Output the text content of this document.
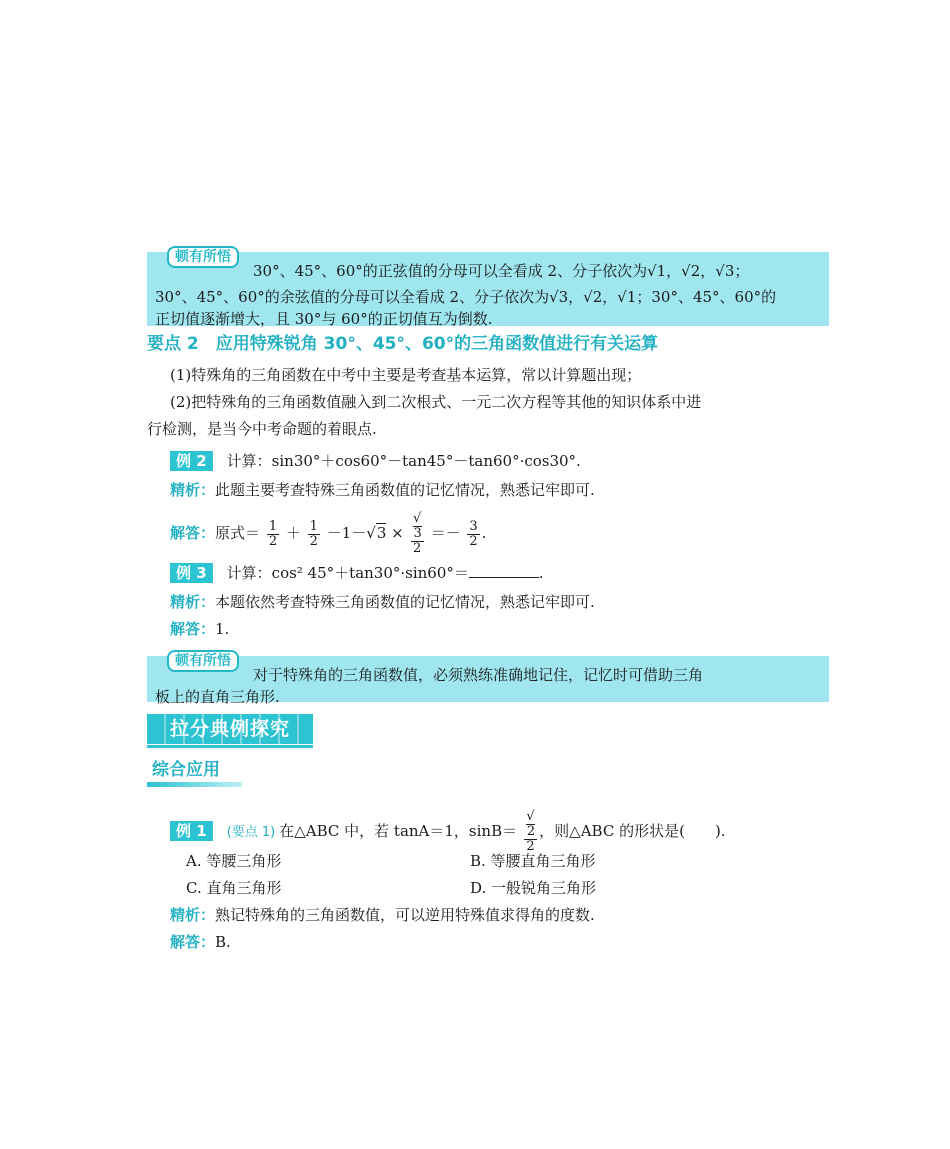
顿有所悟
30°、45°、60°的正弦值的分母可以全看成 2、分子依次为√1，√2，√3；
30°、45°、60°的余弦值的分母可以全看成 2、分子依次为√3，√2，√1；30°、45°、60°的
正切值逐渐增大，且 30°与 60°的正切值互为倒数.
要点 2　应用特殊锐角 30°、45°、60°的三角函数值进行有关运算
(1)特殊角的三角函数在中考中主要是考查基本运算，常以计算题出现；
(2)把特殊角的三角函数值融入到二次根式、一元二次方程等其他的知识体系中进
行检测，是当今中考命题的着眼点.
例 2 计算：sin30°＋cos60°－tan45°－tan60°·cos30°.
精析：此题主要考查特殊三角函数值的记忆情况，熟悉记牢即可.
解答：原式＝ $\frac{1}{2} + \frac{1}{2} -1-√3$ × √
3
$2 =- \frac{3}{2}$ .
例 3 计算：cos² 45°＋tan30°·sin60°＝	.
精析：本题依然考查特殊三角函数值的记忆情况，熟悉记牢即可.
解答：1.
顿有所悟
对于特殊角的三角函数值，必须熟练准确地记住，记忆时可借助三角
板上的直角三角形.
拉分典例探究
综合应用
例 1 (要点 1) 在△ABC 中，若 tanA＝1，sinB＝ √
2
2 ，则△ABC 的形状是( ).
A. 等腰三角形	B. 等腰直角三角形
C. 直角三角形	D. 一般锐角三角形
精析：熟记特殊角的三角函数值，可以逆用特殊值求得角的度数.
解答：B.
